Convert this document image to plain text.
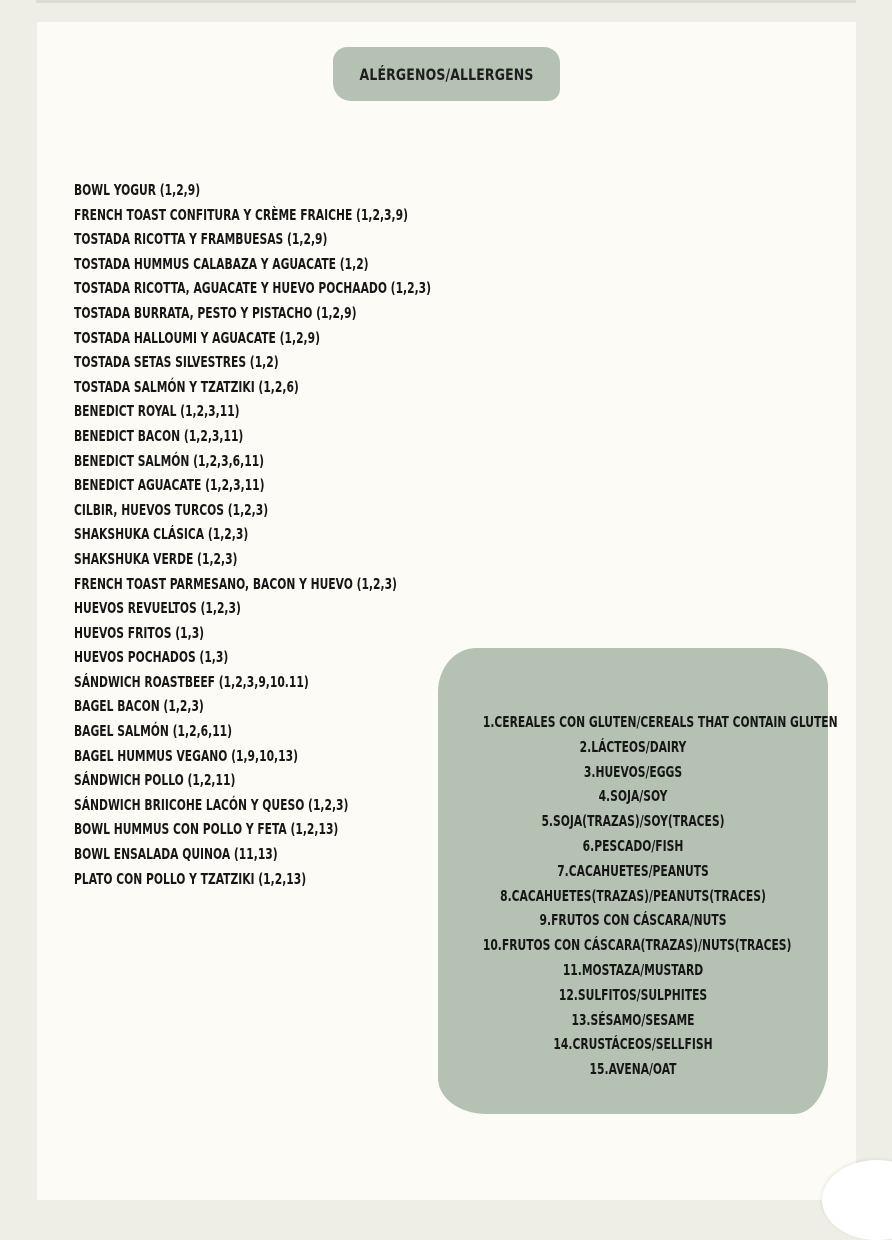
ALÉRGENOS/ALLERGENS
BOWL YOGUR (1,2,9)
FRENCH TOAST CONFITURA Y CRÈME FRAICHE (1,2,3,9)
TOSTADA RICOTTA Y FRAMBUESAS (1,2,9)
TOSTADA HUMMUS CALABAZA Y AGUACATE (1,2)
TOSTADA RICOTTA, AGUACATE Y HUEVO POCHAADO (1,2,3)
TOSTADA BURRATA, PESTO Y PISTACHO (1,2,9)
TOSTADA HALLOUMI Y AGUACATE (1,2,9)
TOSTADA SETAS SILVESTRES (1,2)
TOSTADA SALMÓN Y TZATZIKI (1,2,6)
BENEDICT ROYAL (1,2,3,11)
BENEDICT BACON (1,2,3,11)
BENEDICT SALMÓN (1,2,3,6,11)
BENEDICT AGUACATE (1,2,3,11)
CILBIR, HUEVOS TURCOS (1,2,3)
SHAKSHUKA CLÁSICA (1,2,3)
SHAKSHUKA VERDE (1,2,3)
FRENCH TOAST PARMESANO, BACON Y HUEVO (1,2,3)
HUEVOS REVUELTOS (1,2,3)
HUEVOS FRITOS (1,3)
HUEVOS POCHADOS (1,3)
SÁNDWICH ROASTBEEF (1,2,3,9,10.11)
BAGEL BACON (1,2,3)
BAGEL SALMÓN (1,2,6,11)
BAGEL HUMMUS VEGANO (1,9,10,13)
SÁNDWICH POLLO (1,2,11)
SÁNDWICH BRIICOHE LACÓN Y QUESO (1,2,3)
BOWL HUMMUS CON POLLO Y FETA (1,2,13)
BOWL ENSALADA QUINOA (11,13)
PLATO CON POLLO Y TZATZIKI (1,2,13)
1.CEREALES CON GLUTEN/CEREALS THAT CONTAIN GLUTEN
2.LÁCTEOS/DAIRY
3.HUEVOS/EGGS
4.SOJA/SOY
5.SOJA(TRAZAS)/SOY(TRACES)
6.PESCADO/FISH
7.CACAHUETES/PEANUTS
8.CACAHUETES(TRAZAS)/PEANUTS(TRACES)
9.FRUTOS CON CÁSCARA/NUTS
10.FRUTOS CON CÁSCARA(TRAZAS)/NUTS(TRACES)
11.MOSTAZA/MUSTARD
12.SULFITOS/SULPHITES
13.SÉSAMO/SESAME
14.CRUSTÁCEOS/SELLFISH
15.AVENA/OAT
